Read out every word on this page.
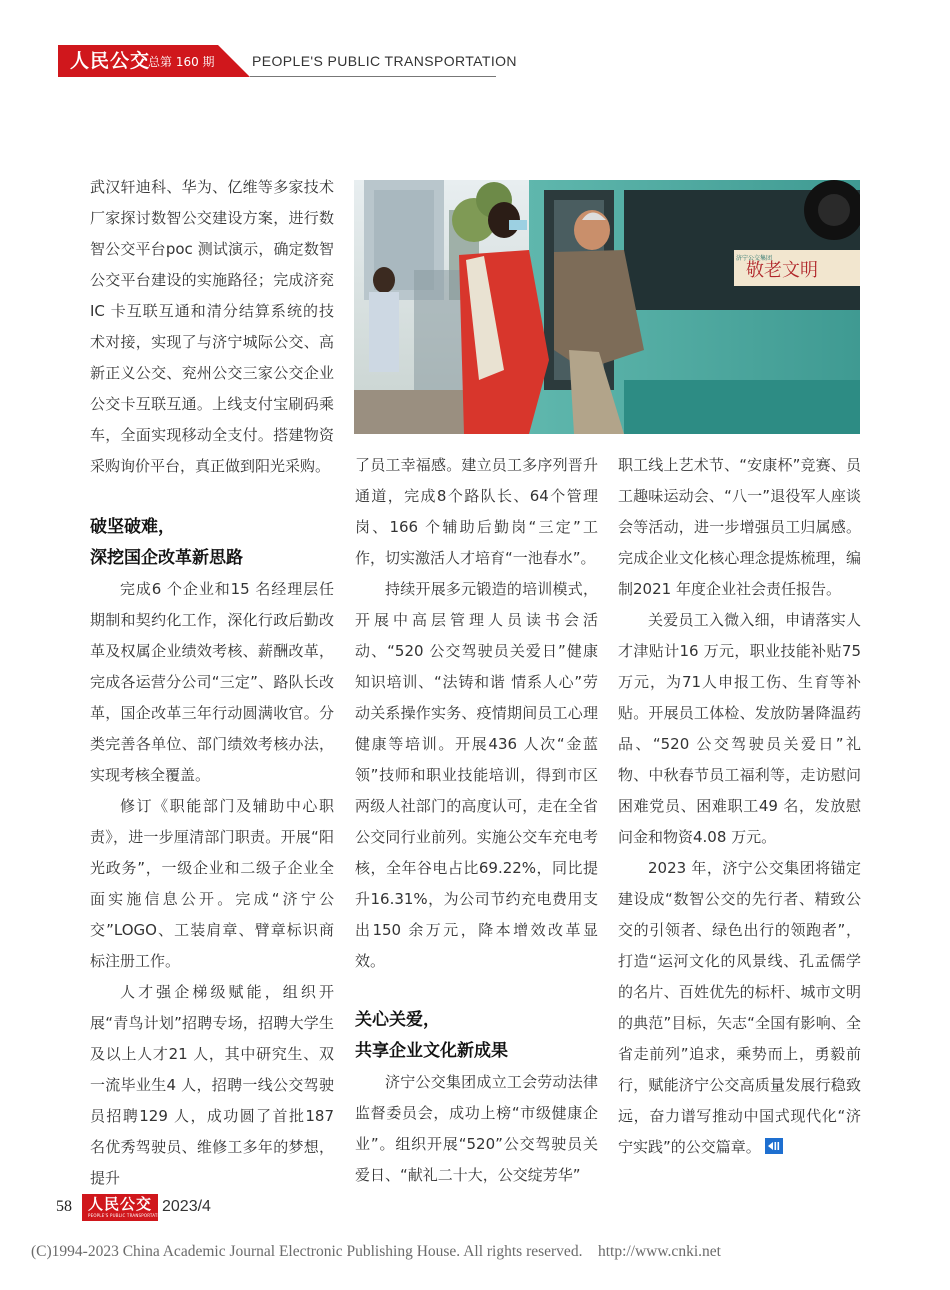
人民公交
总第 160 期	PEOPLE'S PUBLIC TRANSPORTATION

武汉轩迪科、华为、亿维等多家技术厂家探讨数智公交建设方案，进行数智公交平台poc 测试演示，确定数智公交平台建设的实施路径；完成济兖IC 卡互联互通和清分结算系统的技术对接，实现了与济宁城际公交、高新正义公交、兖州公交三家公交企业公交卡互联互通。上线支付宝刷码乘车，全面实现移动全支付。搭建物资采购询价平台，真正做到阳光采购。

破坚破难，
深挖国企改革新思路

完成6 个企业和15 名经理层任期制和契约化工作，深化行政后勤改革及权属企业绩效考核、薪酬改革，完成各运营分公司“三定”、路队长改革，国企改革三年行动圆满收官。分类完善各单位、部门绩效考核办法，实现考核全覆盖。

修订《职能部门及辅助中心职责》，进一步厘清部门职责。开展“阳光政务”，一级企业和二级子企业全面实施信息公开。完成“济宁公交”LOGO、工装肩章、臂章标识商标注册工作。

人才强企梯级赋能，组织开展“青鸟计划”招聘专场，招聘大学生及以上人才21 人，其中研究生、双一流毕业生4 人，招聘一线公交驾驶员招聘129 人，成功圆了首批187 名优秀驾驶员、维修工多年的梦想，提升

敬老文明
济宁公交集团

了员工幸福感。建立员工多序列晋升通道，完成8个路队长、64个管理岗、166 个辅助后勤岗“三定”工作，切实激活人才培育“一池春水”。

持续开展多元锻造的培训模式，开展中高层管理人员读书会活动、“520 公交驾驶员关爱日”健康知识培训、“法铸和谐 情系人心”劳动关系操作实务、疫情期间员工心理健康等培训。开展436 人次“金蓝领”技师和职业技能培训，得到市区两级人社部门的高度认可，走在全省公交同行业前列。实施公交车充电考核，全年谷电占比69.22%，同比提升16.31%，为公司节约充电费用支出150 余万元，降本增效改革显效。

关心关爱，
共享企业文化新成果

济宁公交集团成立工会劳动法律监督委员会，成功上榜“市级健康企业”。组织开展“520”公交驾驶员关爱日、“献礼二十大，公交绽芳华”

职工线上艺术节、“安康杯”竞赛、员工趣味运动会、“八一”退役军人座谈会等活动，进一步增强员工归属感。完成企业文化核心理念提炼梳理，编制2021 年度企业社会责任报告。

关爱员工入微入细，申请落实人才津贴计16 万元，职业技能补贴75 万元，为71人申报工伤、生育等补贴。开展员工体检、发放防暑降温药品、“520 公交驾驶员关爱日”礼物、中秋春节员工福利等，走访慰问困难党员、困难职工49 名，发放慰问金和物资4.08 万元。

2023 年，济宁公交集团将锚定建设成“数智公交的先行者、精致公交的引领者、绿色出行的领跑者”，打造“运河文化的风景线、孔孟儒学的名片、百姓优先的标杆、城市文明的典范”目标，矢志“全国有影响、全省走前列”追求，乘势而上，勇毅前行，赋能济宁公交高质量发展行稳致远，奋力谱写推动中国式现代化“济宁实践”的公交篇章。

58 人民公交
PEOPLE'S PUBLIC TRANSPORTATION
2023/4
(C)1994-2023 China Academic Journal Electronic Publishing House. All rights reserved. http://www.cnki.net
